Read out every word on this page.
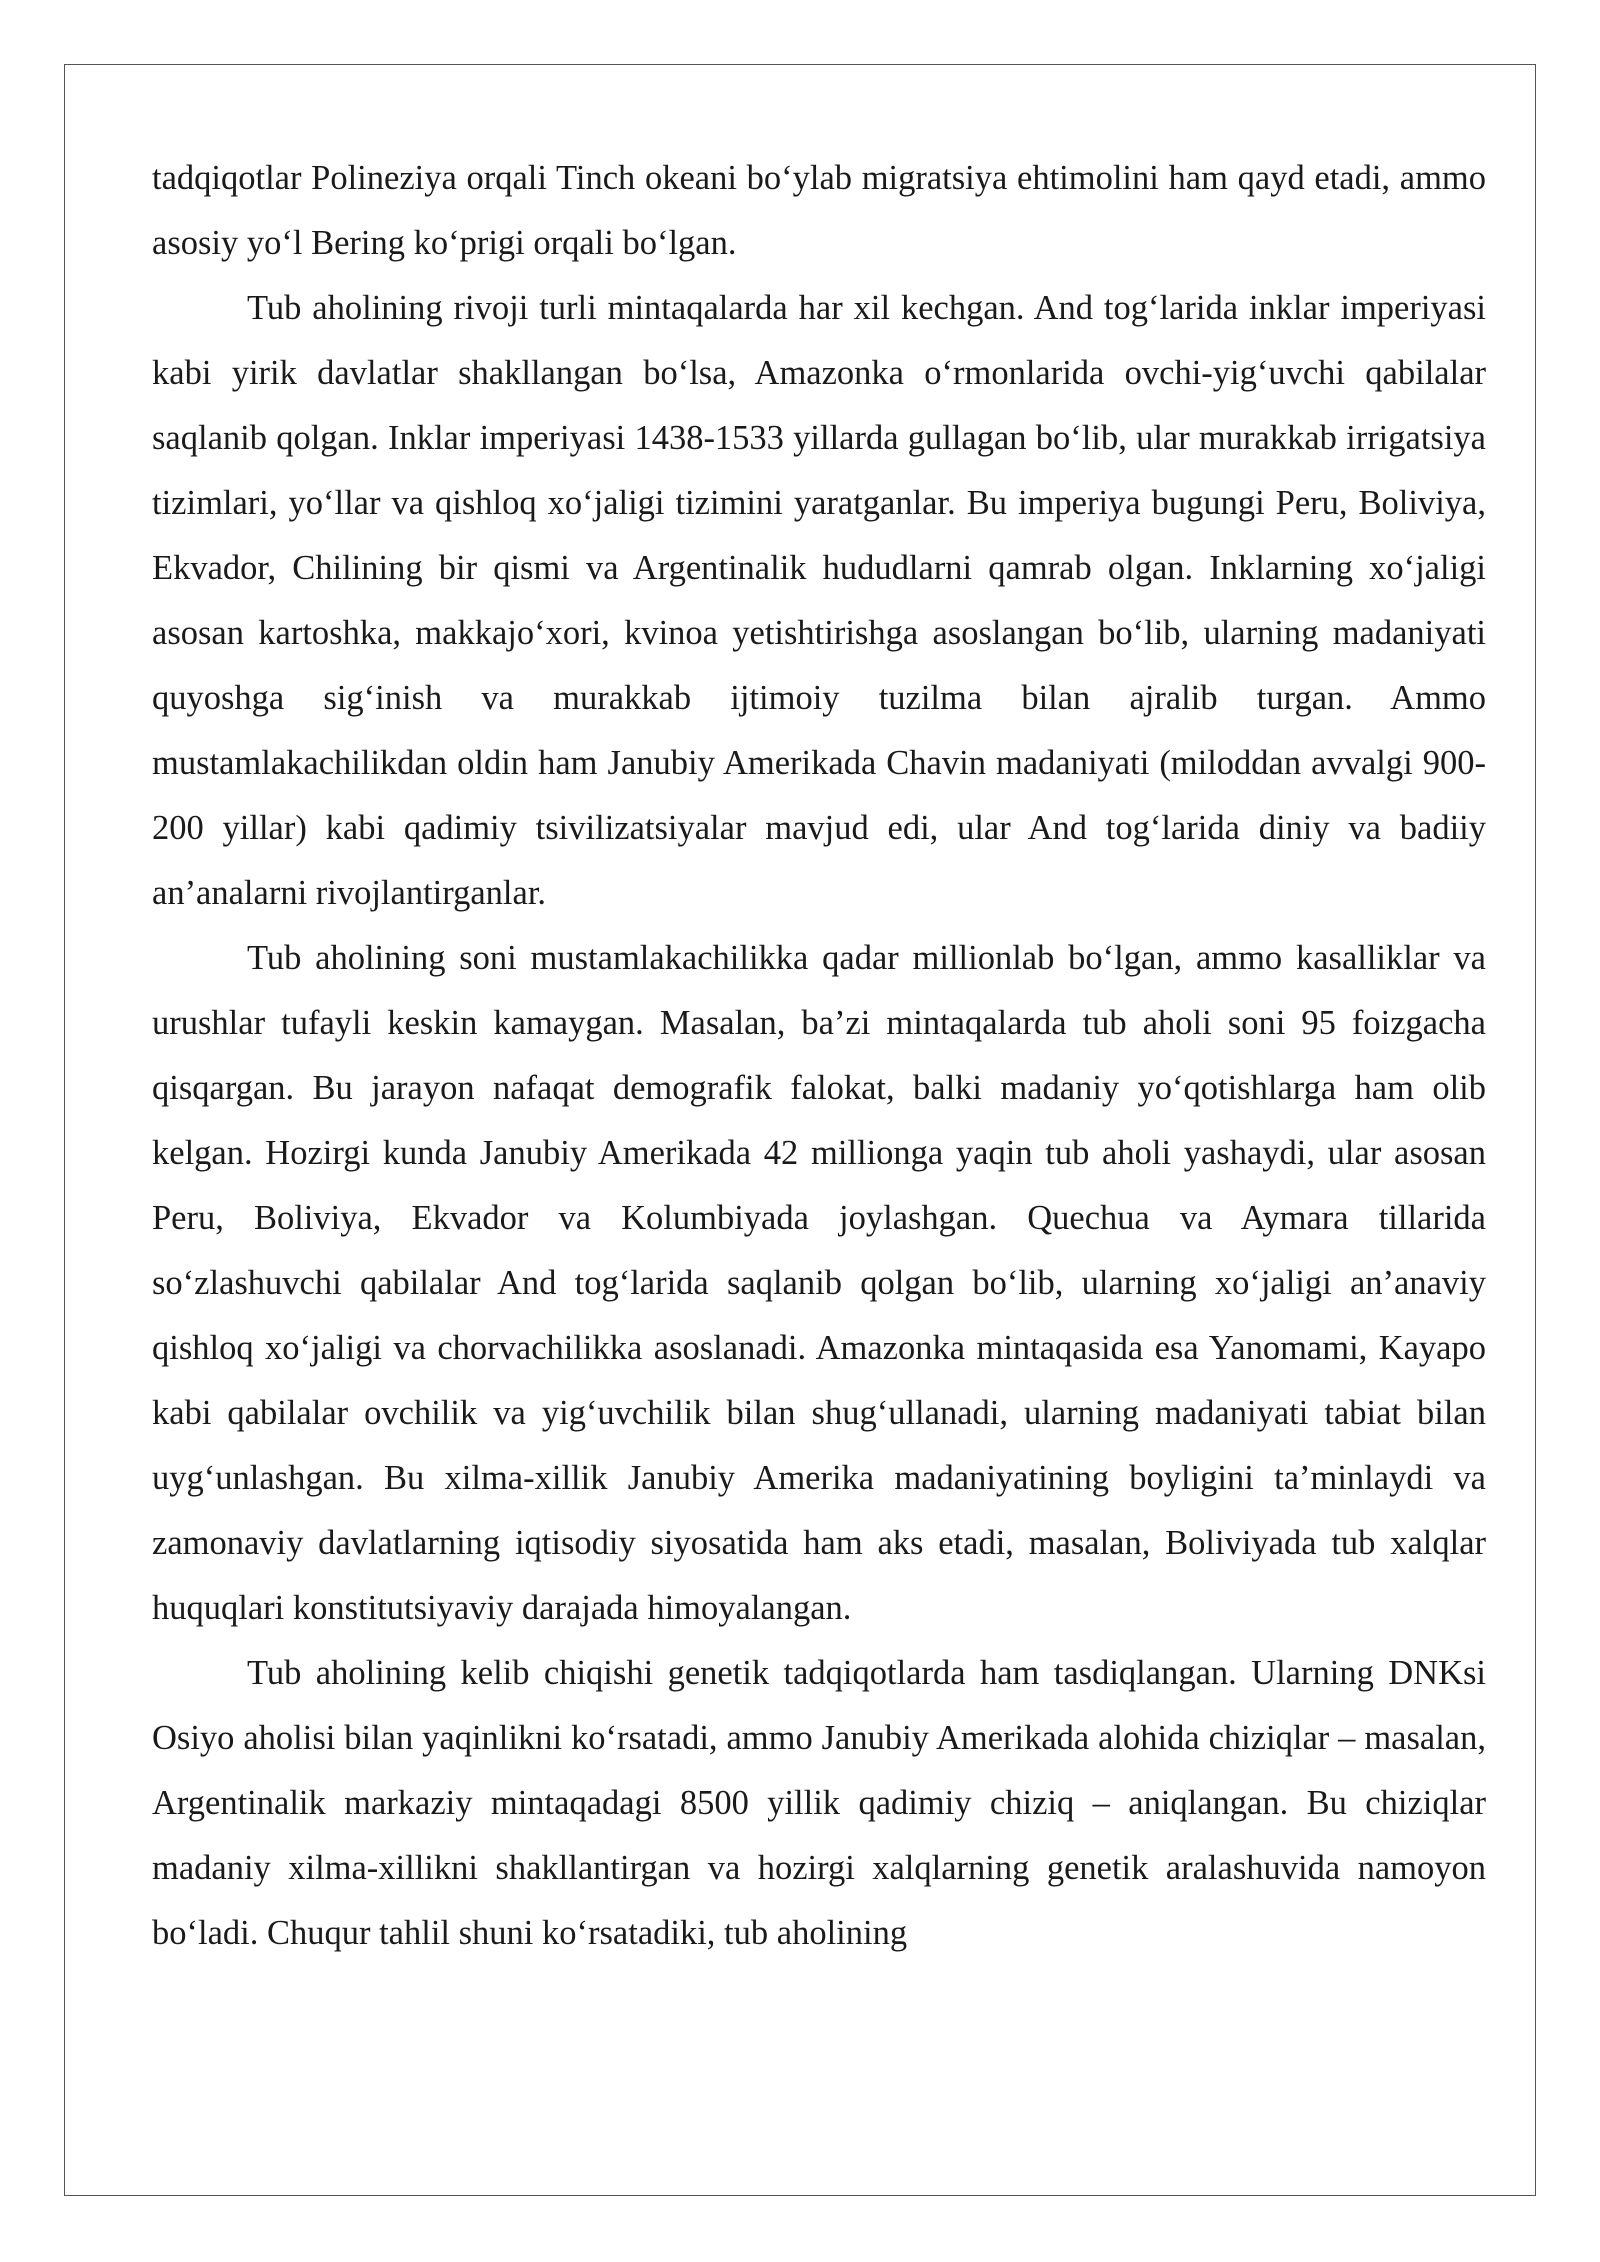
tadqiqotlar Polineziya orqali Tinch okeani bo‘ylab migratsiya ehtimolini ham qayd etadi, ammo asosiy yo‘l Bering ko‘prigi orqali bo‘lgan.

Tub aholining rivoji turli mintaqalarda har xil kechgan. And tog‘larida inklar imperiyasi kabi yirik davlatlar shakllangan bo‘lsa, Amazonka o‘rmonlarida ovchi-yig‘uvchi qabilalar saqlanib qolgan. Inklar imperiyasi 1438-1533 yillarda gullagan bo‘lib, ular murakkab irrigatsiya tizimlari, yo‘llar va qishloq xo‘jaligi tizimini yaratganlar. Bu imperiya bugungi Peru, Boliviya, Ekvador, Chilining bir qismi va Argentinalik hududlarni qamrab olgan. Inklarning xo‘jaligi asosan kartoshka, makkajo‘xori, kvinoa yetishtirishga asoslangan bo‘lib, ularning madaniyati quyoshga sig‘inish va murakkab ijtimoiy tuzilma bilan ajralib turgan. Ammo mustamlakachilikdan oldin ham Janubiy Amerikada Chavin madaniyati (miloddan avvalgi 900-200 yillar) kabi qadimiy tsivilizatsiyalar mavjud edi, ular And tog‘larida diniy va badiiy an’analarni rivojlantirganlar.

Tub aholining soni mustamlakachilikka qadar millionlab bo‘lgan, ammo kasalliklar va urushlar tufayli keskin kamaygan. Masalan, ba’zi mintaqalarda tub aholi soni 95 foizgacha qisqargan. Bu jarayon nafaqat demografik falokat, balki madaniy yo‘qotishlarga ham olib kelgan. Hozirgi kunda Janubiy Amerikada 42 millionga yaqin tub aholi yashaydi, ular asosan Peru, Boliviya, Ekvador va Kolumbiyada joylashgan. Quechua va Aymara tillarida so‘zlashuvchi qabilalar And tog‘larida saqlanib qolgan bo‘lib, ularning xo‘jaligi an’anaviy qishloq xo‘jaligi va chorvachilikka asoslanadi. Amazonka mintaqasida esa Yanomami, Kayapo kabi qabilalar ovchilik va yig‘uvchilik bilan shug‘ullanadi, ularning madaniyati tabiat bilan uyg‘unlashgan. Bu xilma-xillik Janubiy Amerika madaniyatining boyligini ta’minlaydi va zamonaviy davlatlarning iqtisodiy siyosatida ham aks etadi, masalan, Boliviyada tub xalqlar huquqlari konstitutsiyaviy darajada himoyalangan.

Tub aholining kelib chiqishi genetik tadqiqotlarda ham tasdiqlangan. Ularning DNKsi Osiyo aholisi bilan yaqinlikni ko‘rsatadi, ammo Janubiy Amerikada alohida chiziqlar – masalan, Argentinalik markaziy mintaqadagi 8500 yillik qadimiy chiziq – aniqlangan. Bu chiziqlar madaniy xilma-xillikni shakllantirgan va hozirgi xalqlarning genetik aralashuvida namoyon bo‘ladi. Chuqur tahlil shuni ko‘rsatadiki, tub aholining
